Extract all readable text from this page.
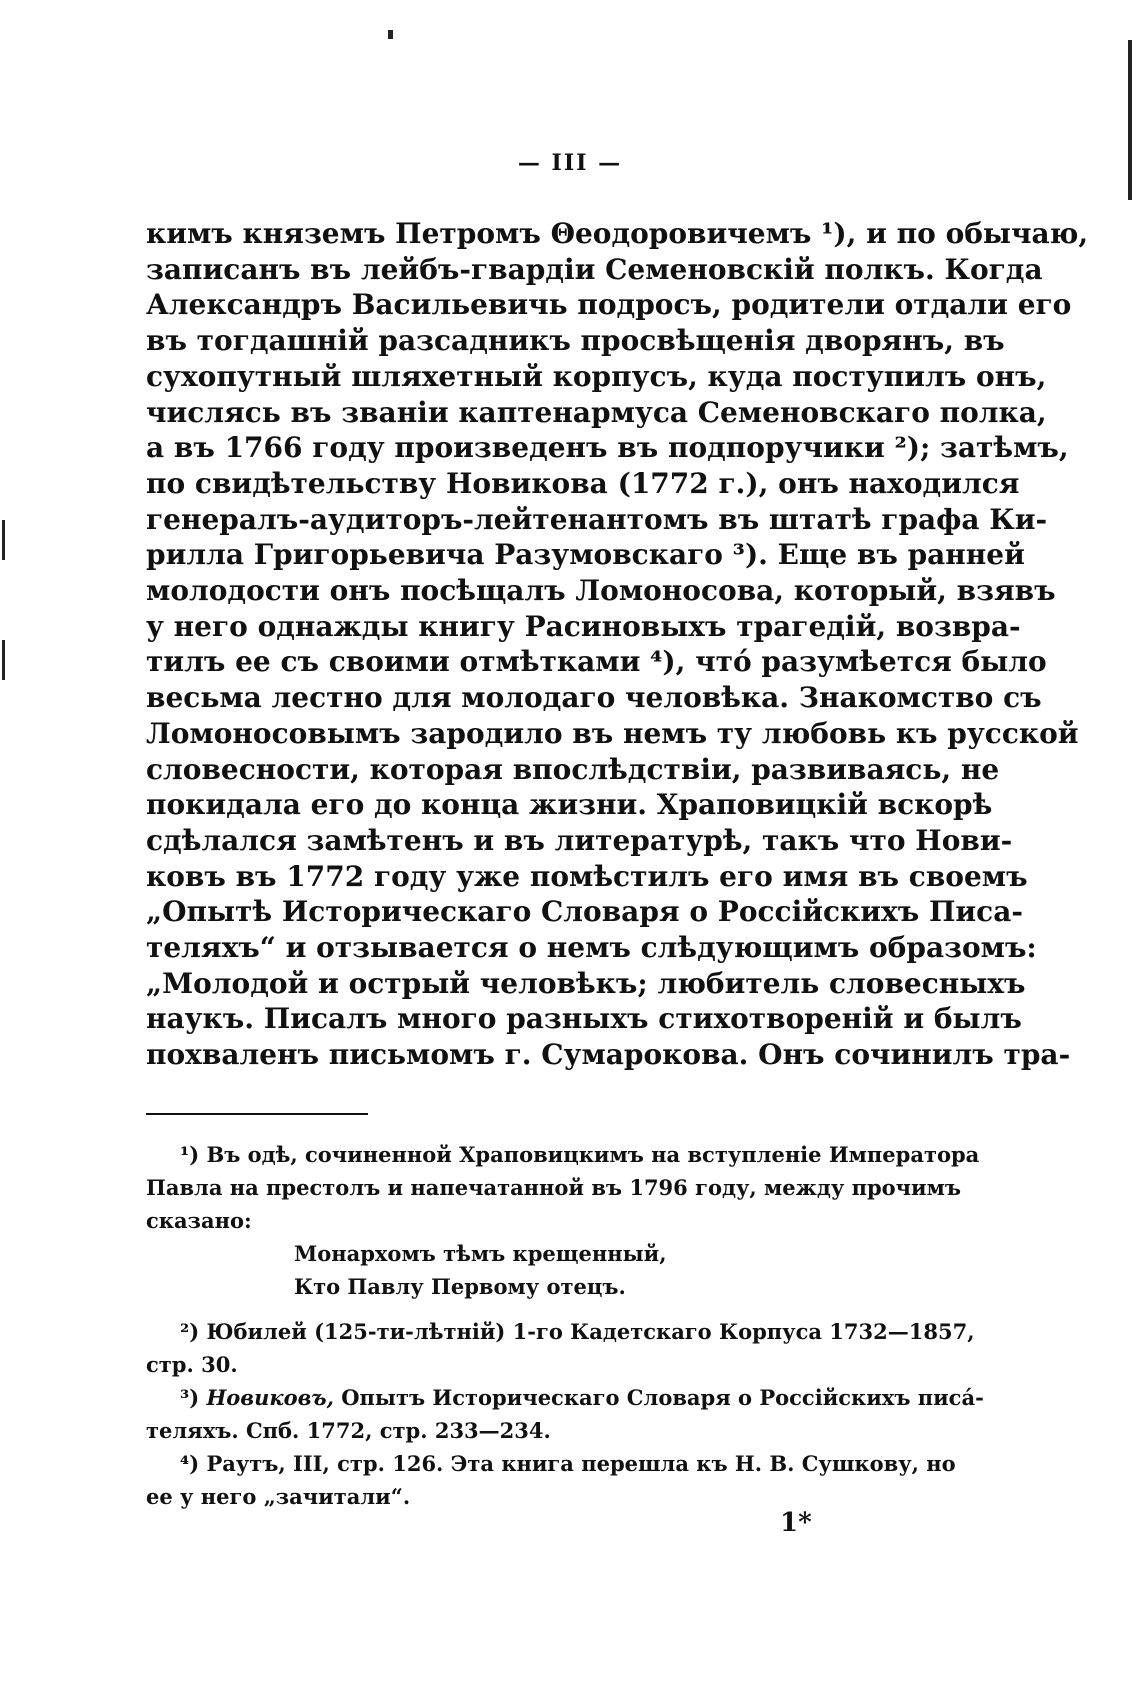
— III —
кимъ княземъ Петромъ Θеодоровичемъ ¹), и по обычаю,
записанъ въ лейбъ-гвардіи Семеновскій полкъ. Когда
Александръ Васильевичь подросъ, родители отдали его
въ тогдашній разсадникъ просвѣщенія дворянъ, въ
сухопутный шляхетный корпусъ, куда поступилъ онъ,
числясь въ званіи каптенармуса Семеновскаго полка,
а въ 1766 году произведенъ въ подпоручики ²); затѣмъ,
по свидѣтельству Новикова (1772 г.), онъ находился
генералъ-аудиторъ-лейтенантомъ въ штатѣ графа Ки-
рилла Григорьевича Разумовскаго ³). Еще въ ранней
молодости онъ посѣщалъ Ломоносова, который, взявъ
у него однажды книгу Расиновыхъ трагедій, возвра-
тилъ ее съ своими отмѣтками ⁴), чтó разумѣется было
весьма лестно для молодаго человѣка. Знакомство съ
Ломоносовымъ зародило въ немъ ту любовь къ русской
словесности, которая впослѣдствіи, развиваясь, не
покидала его до конца жизни. Храповицкій вскорѣ
сдѣлался замѣтенъ и въ литературѣ, такъ что Нови-
ковъ въ 1772 году уже помѣстилъ его имя въ своемъ
„Опытѣ Историческаго Словаря о Россійскихъ Писа-
теляхъ“ и отзывается о немъ слѣдующимъ образомъ:
„Молодой и острый человѣкъ; любитель словесныхъ
наукъ. Писалъ много разныхъ стихотвореній и былъ
похваленъ письмомъ г. Сумарокова. Онъ сочинилъ тра-
¹) Въ одѣ, сочиненной Храповицкимъ на вступленіе Императора
Павла на престолъ и напечатанной въ 1796 году, между прочимъ
сказано:
Монархомъ тѣмъ крещенный,
Кто Павлу Первому отецъ.
²) Юбилей (125-ти-лѣтній) 1-го Кадетскаго Корпуса 1732—1857,
стр. 30.
³) Новиковъ, Опытъ Историческаго Словаря о Россійскихъ писá-
теляхъ. Спб. 1772, стр. 233—234.
⁴) Раутъ, III, стр. 126. Эта книга перешла къ Н. В. Сушкову, но
ее у него „зачитали“.
1*
